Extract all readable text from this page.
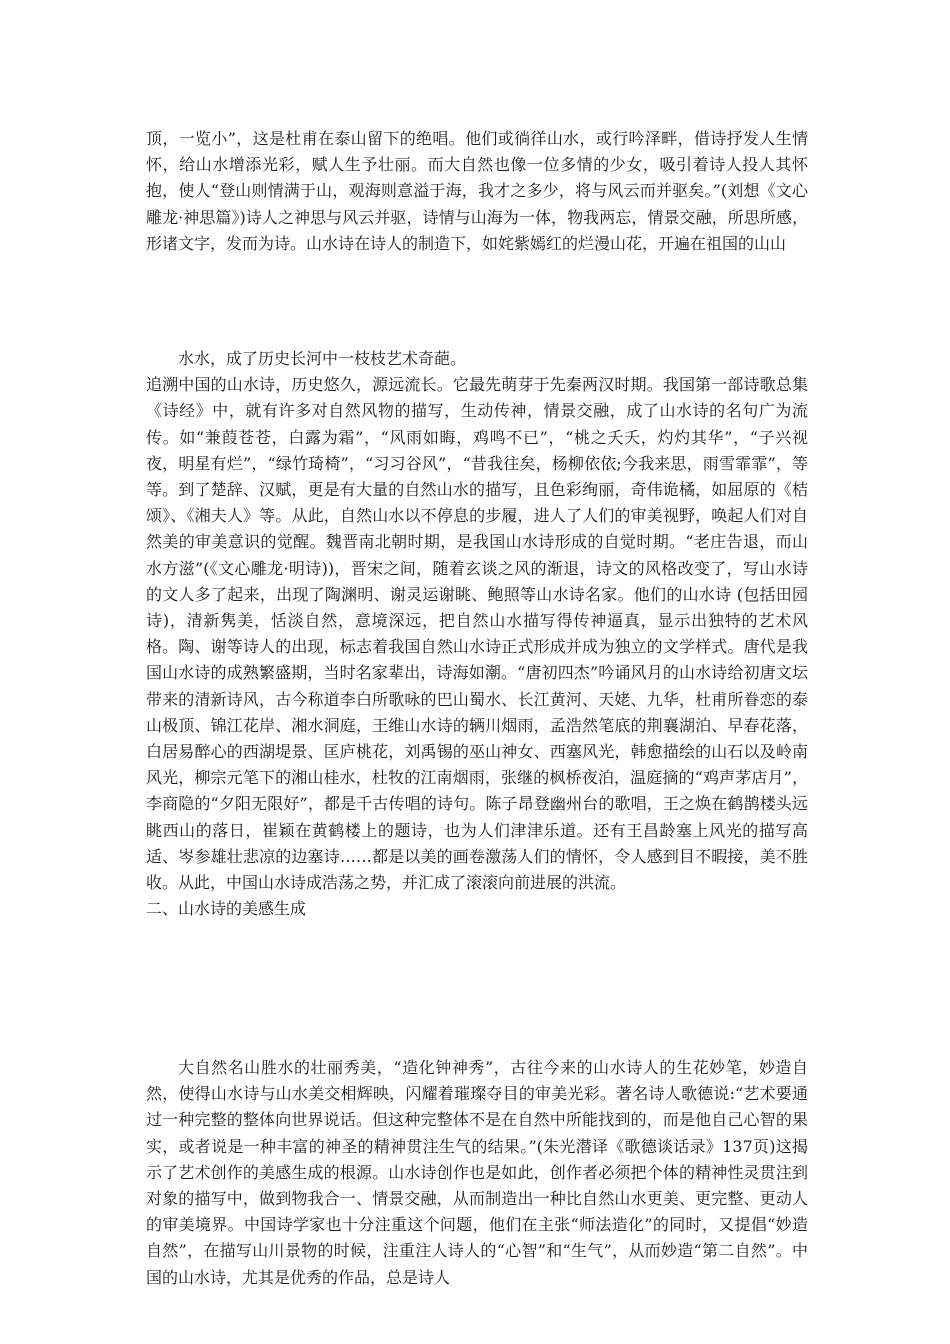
顶，一览小”，这是杜甫在泰山留下的绝唱。他们或徜徉山水，或行吟泽畔，借诗抒发人生情怀，给山水增添光彩，赋人生予壮丽。而大自然也像一位多情的少女，吸引着诗人投人其怀抱，使人“登山则情满于山，观海则意溢于海，我才之多少，将与风云而并驱矣。”(刘想《文心雕龙·神思篇》)诗人之神思与风云并驱，诗情与山海为一体，物我两忘，情景交融，所思所感，形诸文字，发而为诗。山水诗在诗人的制造下，如姹紫嫣红的烂漫山花，开遍在祖国的山山

水水，成了历史长河中一枝枝艺术奇葩。

追溯中国的山水诗，历史悠久，源远流长。它最先萌芽于先秦两汉时期。我国第一部诗歌总集《诗经》中，就有许多对自然风物的描写，生动传神，情景交融，成了山水诗的名句广为流传。如“兼葭苍苍，白露为霜”，“风雨如晦，鸡鸣不已”，“桃之夭夭，灼灼其华”，“子兴视夜，明星有烂”，“绿竹琦椅”，“习习谷风”，“昔我往矣，杨柳依依;今我来思，雨雪霏霏”，等等。到了楚辞、汉赋，更是有大量的自然山水的描写，且色彩绚丽，奇伟诡橘，如屈原的《桔颂》、《湘夫人》等。从此，自然山水以不停息的步履，进人了人们的审美视野，唤起人们对自然美的审美意识的觉醒。魏晋南北朝时期，是我国山水诗形成的自觉时期。“老庄告退，而山水方滋”(《文心雕龙·明诗))，晋宋之间，随着玄谈之风的渐退，诗文的风格改变了，写山水诗的文人多了起来，出现了陶渊明、谢灵运谢眺、鲍照等山水诗名家。他们的山水诗 (包括田园诗)，清新隽美，恬淡自然，意境深远，把自然山水描写得传神逼真，显示出独特的艺术风格。陶、谢等诗人的出现，标志着我国自然山水诗正式形成并成为独立的文学样式。唐代是我国山水诗的成熟繁盛期，当时名家辈出，诗海如潮。“唐初四杰”吟诵风月的山水诗给初唐文坛带来的清新诗风，古今称道李白所歌咏的巴山蜀水、长江黄河、天姥、九华，杜甫所眷恋的泰山极顶、锦江花岸、湘水洞庭，王维山水诗的辆川烟雨，孟浩然笔底的荆襄湖泊、早春花落，白居易醉心的西湖堤景、匡庐桃花，刘禹锡的巫山神女、西塞风光，韩愈描绘的山石以及岭南风光，柳宗元笔下的湘山桂水，杜牧的江南烟雨，张继的枫桥夜泊，温庭摘的“鸡声茅店月”，李商隐的“夕阳无限好”，都是千古传唱的诗句。陈子昂登幽州台的歌唱，王之焕在鹤鹊楼头远眺西山的落日，崔颖在黄鹤楼上的题诗，也为人们津津乐道。还有王昌龄塞上风光的描写高适、岑参雄壮悲凉的边塞诗……都是以美的画卷激荡人们的情怀，令人感到目不暇接，美不胜收。从此，中国山水诗成浩荡之势，并汇成了滚滚向前进展的洪流。

二、山水诗的美感生成

大自然名山胜水的壮丽秀美，“造化钟神秀”，古往今来的山水诗人的生花妙笔，妙造自然，使得山水诗与山水美交相辉映，闪耀着璀璨夺目的审美光彩。著名诗人歌德说:“艺术要通过一种完整的整体向世界说话。但这种完整体不是在自然中所能找到的，而是他自己心智的果实，或者说是一种丰富的神圣的精神贯注生气的结果。”(朱光潜译《歌德谈话录》137页)这揭示了艺术创作的美感生成的根源。山水诗创作也是如此，创作者必须把个体的精神性灵贯注到对象的描写中，做到物我合一、情景交融，从而制造出一种比自然山水更美、更完整、更动人的审美境界。中国诗学家也十分注重这个问题，他们在主张“师法造化”的同时，又提倡“妙造自然”，在描写山川景物的时候，注重注人诗人的“心智”和“生气”，从而妙造“第二自然”。中国的山水诗，尤其是优秀的作品，总是诗人
